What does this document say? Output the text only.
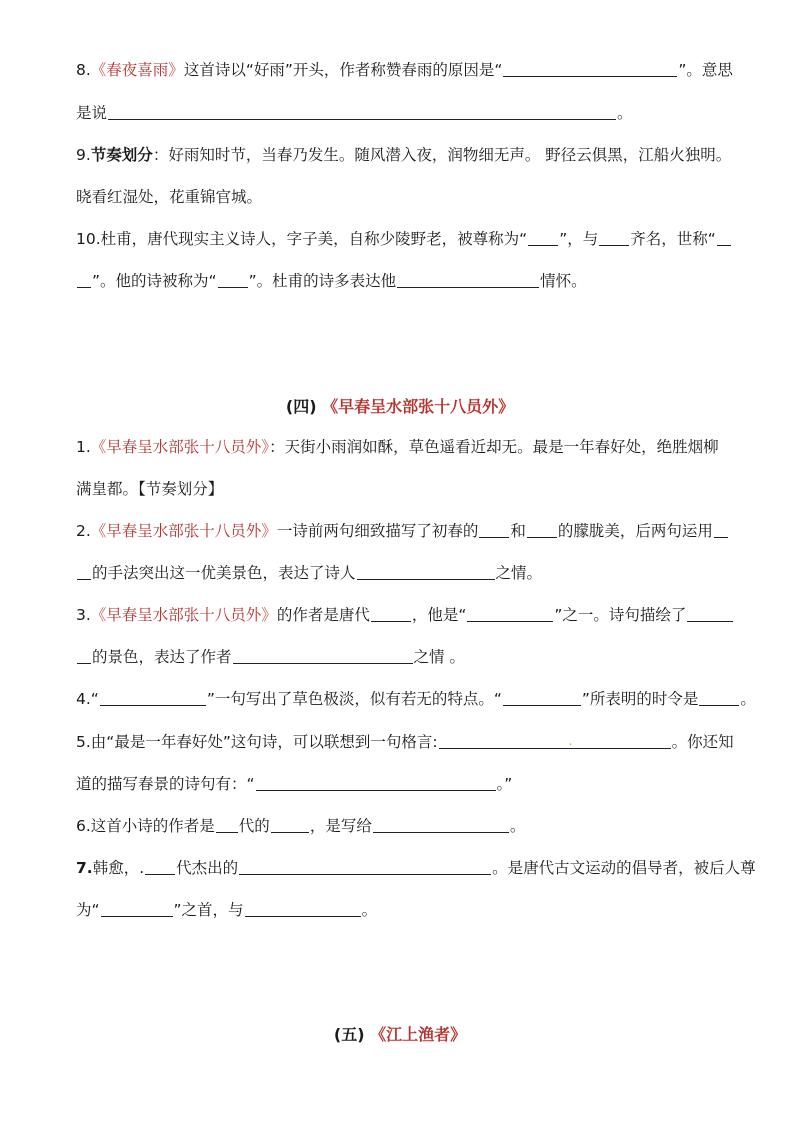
8.《春夜喜雨》这首诗以“好雨”开头，作者称赞春雨的原因是“	”。意思
是说	。
9.节奏划分：好雨知时节，当春乃发生。随风潜入夜，润物细无声。 野径云俱黑，江船火独明。
晓看红湿处，花重锦官城。
10.杜甫，唐代现实主义诗人，字子美，自称少陵野老，被尊称为“ ”，与 齐名，世称“
”。他的诗被称为“ ”。杜甫的诗多表达他	情怀。
(四) 《早春呈水部张十八员外》
1.《早春呈水部张十八员外》：天街小雨润如酥，草色遥看近却无。最是一年春好处，绝胜烟柳
满皇都。【节奏划分】
2.《早春呈水部张十八员外》一诗前两句细致描写了初春的 和 的朦胧美，后两句运用
的手法突出这一优美景色，表达了诗人	之情。
3.《早春呈水部张十八员外》的作者是唐代	，他是“	”之一。诗句描绘了
的景色，表达了作者	之情 。
4.“	”一句写出了草色极淡，似有若无的特点。“	”所表明的时令是	。
5.由“最是一年春好处”这句诗，可以联想到一句格言:	.	。你还知
道的描写春景的诗句有：“	。”
6.这首小诗的作者是 代的	，是写给	。
7.韩愈，. 代杰出的	。是唐代古文运动的倡导者，被后人尊
为“	”之首，与	。
(五) 《江上渔者》
